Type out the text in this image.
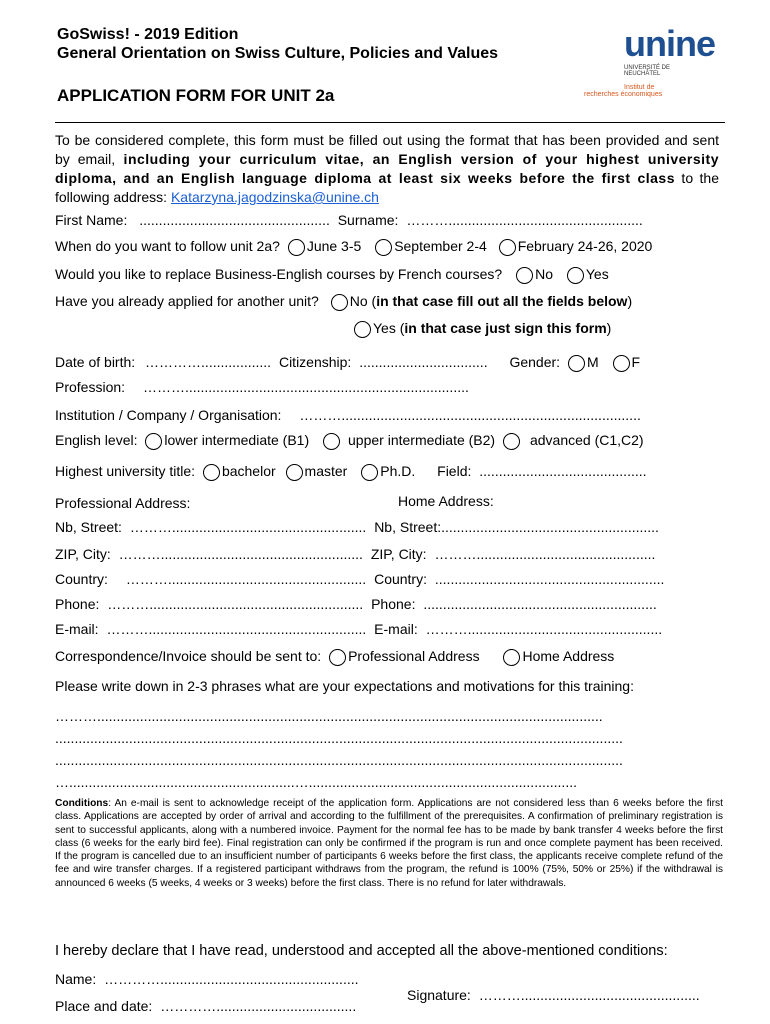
GoSwiss! - 2019 Edition
General Orientation on Swiss Culture, Policies and Values
APPLICATION FORM FOR UNIT 2a
unine
UNIVERSITÉ DE
NEUCHÂTEL
Institut de
recherches économiques
To be considered complete, this form must be filled out using the format that has been provided and sent by email, including your curriculum vitae, an English version of your highest university diploma, and an English language diploma at least six weeks before the first class to the following address: Katarzyna.jagodzinska@unine.ch
First Name: ................................................. Surname: ………..................................................
When do you want to follow unit 2a? June 3-5 September 2-4 February 24-26, 2020
Would you like to replace Business-English courses by French courses? No Yes
Have you already applied for another unit? No (in that case fill out all the fields below)
Yes (in that case just sign this form)
Date of birth: ………….................. Citizenship: ................................. Gender: M F
Profession: ……….........................................................................
Institution / Company / Organisation: ……….............................................................................
English level: lower intermediate (B1)	upper intermediate (B2) advanced (C1,C2)
Highest university title: bachelor master Ph.D. Field: ...........................................
Professional Address:	Home Address:
Nb, Street: ……….................................................. Nb, Street:........................................................
ZIP, City: ……….................................................... ZIP, City: ………..............................................
Country: ………................................................... Country: ...........................................................
Phone: ………....................................................... Phone: ............................................................
E-mail: ………........................................................ E-mail: ………..................................................
Correspondence/Invoice should be sent to: Professional Address	Home Address
Please write down in 2-3 phrases what are your expectations and motivations for this training:
………..................................................................................................................................
..................................................................................................................................................
..................................................................................................................................................
…..........................................................….....................................................................
Conditions: An e-mail is sent to acknowledge receipt of the application form. Applications are not considered less than 6 weeks before the first class. Applications are accepted by order of arrival and according to the fulfillment of the prerequisites. A confirmation of preliminary registration is sent to successful applicants, along with a numbered invoice. Payment for the normal fee has to be made by bank transfer 4 weeks before the first class (6 weeks for the early bird fee). Final registration can only be confirmed if the program is run and once complete payment has been received. If the program is cancelled due to an insufficient number of participants 6 weeks before the first class, the applicants receive complete refund of the fee and wire transfer charges. If a registered participant withdraws from the program, the refund is 100% (75%, 50% or 25%) if the withdrawal is announced 6 weeks (5 weeks, 4 weeks or 3 weeks) before the first class. There is no refund for later withdrawals.
I hereby declare that I have read, understood and accepted all the above-mentioned conditions:
Name: …………...................................................
Place and date: …………....................................
Signature: ………..............................................
